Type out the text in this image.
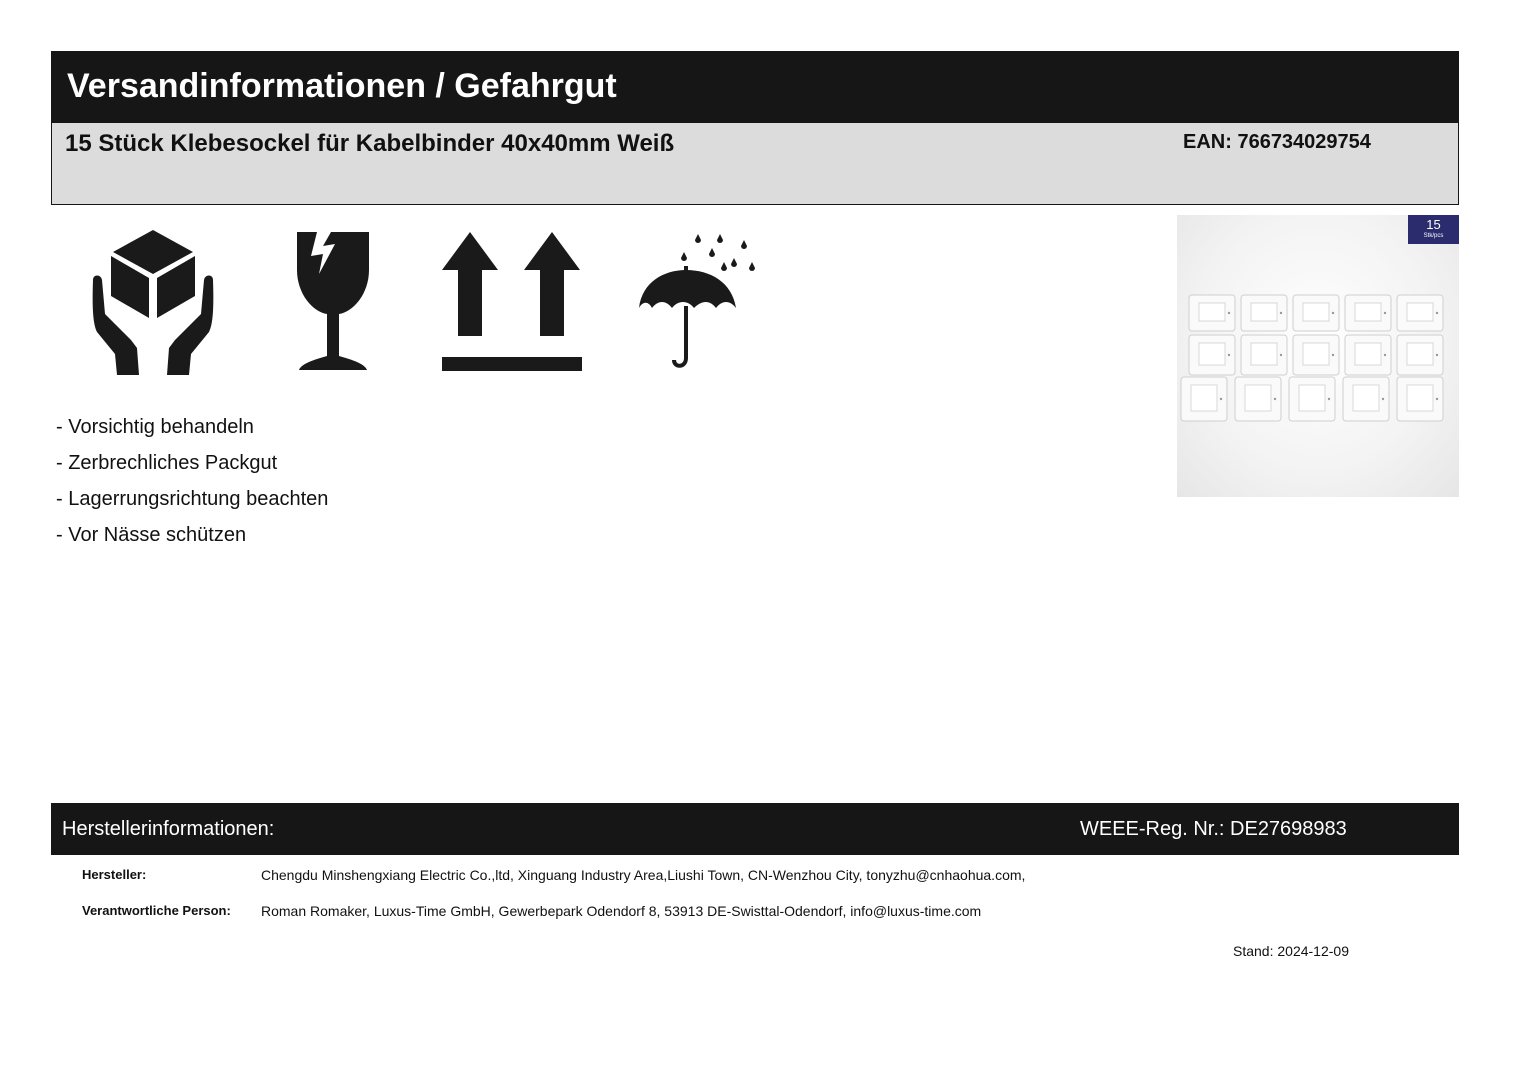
Versandinformationen / Gefahrgut
15 Stück Klebesockel für Kabelbinder 40x40mm Weiß	EAN: 766734029754
- Vorsichtig behandeln
- Zerbrechliches Packgut
- Lagerrungsrichtung beachten
- Vor Nässe schützen
15
Stk/pcs
Herstellerinformationen:	WEEE-Reg. Nr.: DE27698983
Hersteller:	Chengdu Minshengxiang Electric Co.,ltd, Xinguang Industry Area,Liushi Town, CN-Wenzhou City, tonyzhu@cnhaohua.com,
Verantwortliche Person: Roman Romaker, Luxus-Time GmbH, Gewerbepark Odendorf 8, 53913 DE-Swisttal-Odendorf, info@luxus-time.com
Stand: 2024-12-09
